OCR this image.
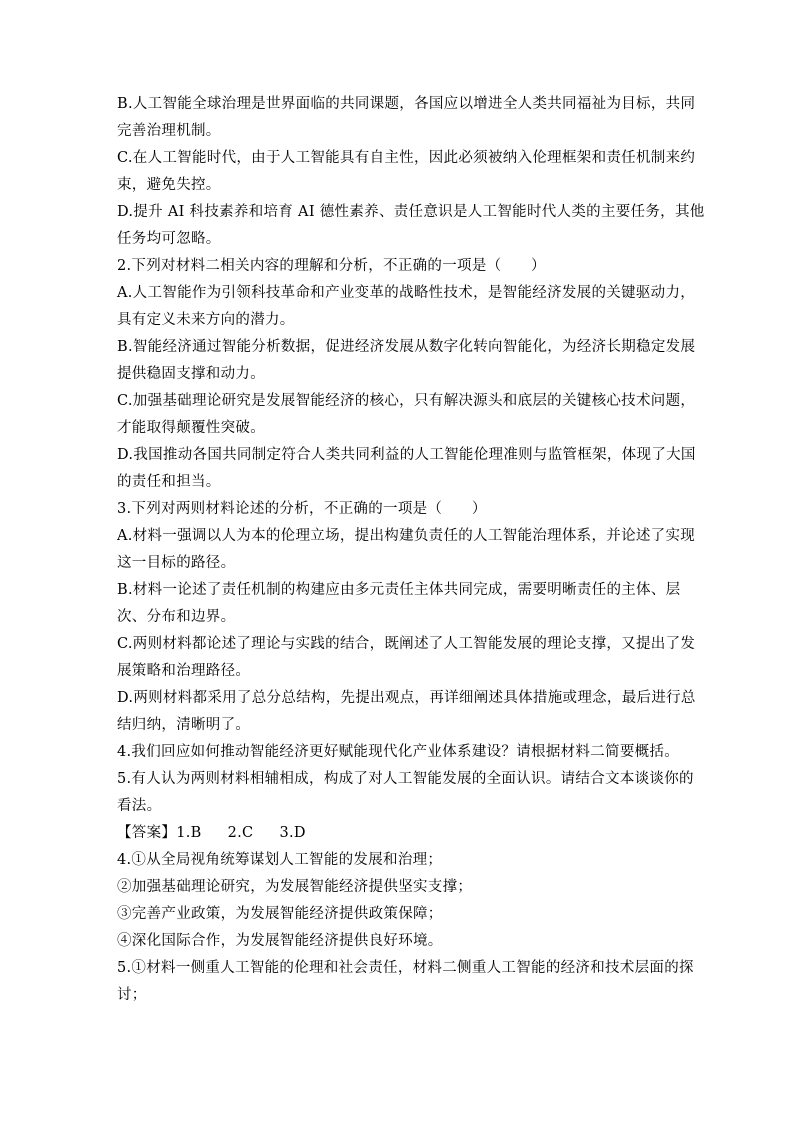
B.人工智能全球治理是世界面临的共同课题，各国应以增进全人类共同福祉为目标，共同
完善治理机制。
C.在人工智能时代，由于人工智能具有自主性，因此必须被纳入伦理框架和责任机制来约
束，避免失控。
D.提升 AI 科技素养和培育 AI 德性素养、责任意识是人工智能时代人类的主要任务，其他
任务均可忽略。
2.下列对材料二相关内容的理解和分析，不正确的一项是（　　）
A.人工智能作为引领科技革命和产业变革的战略性技术，是智能经济发展的关键驱动力，
具有定义未来方向的潜力。
B.智能经济通过智能分析数据，促进经济发展从数字化转向智能化，为经济长期稳定发展
提供稳固支撑和动力。
C.加强基础理论研究是发展智能经济的核心，只有解决源头和底层的关键核心技术问题，
才能取得颠覆性突破。
D.我国推动各国共同制定符合人类共同利益的人工智能伦理准则与监管框架，体现了大国
的责任和担当。
3.下列对两则材料论述的分析，不正确的一项是（　　）
A.材料一强调以人为本的伦理立场，提出构建负责任的人工智能治理体系，并论述了实现
这一目标的路径。
B.材料一论述了责任机制的构建应由多元责任主体共同完成，需要明晰责任的主体、层
次、分布和边界。
C.两则材料都论述了理论与实践的结合，既阐述了人工智能发展的理论支撑，又提出了发
展策略和治理路径。
D.两则材料都采用了总分总结构，先提出观点，再详细阐述具体措施或理念，最后进行总
结归纳，清晰明了。
4.我们回应如何推动智能经济更好赋能现代化产业体系建设？请根据材料二简要概括。
5.有人认为两则材料相辅相成，构成了对人工智能发展的全面认识。请结合文本谈谈你的
看法。
【答案】1.B 2.C 3.D
4.①从全局视角统筹谋划人工智能的发展和治理；
②加强基础理论研究，为发展智能经济提供坚实支撑；
③完善产业政策，为发展智能经济提供政策保障；
④深化国际合作，为发展智能经济提供良好环境。
5.①材料一侧重人工智能的伦理和社会责任，材料二侧重人工智能的经济和技术层面的探
讨；
